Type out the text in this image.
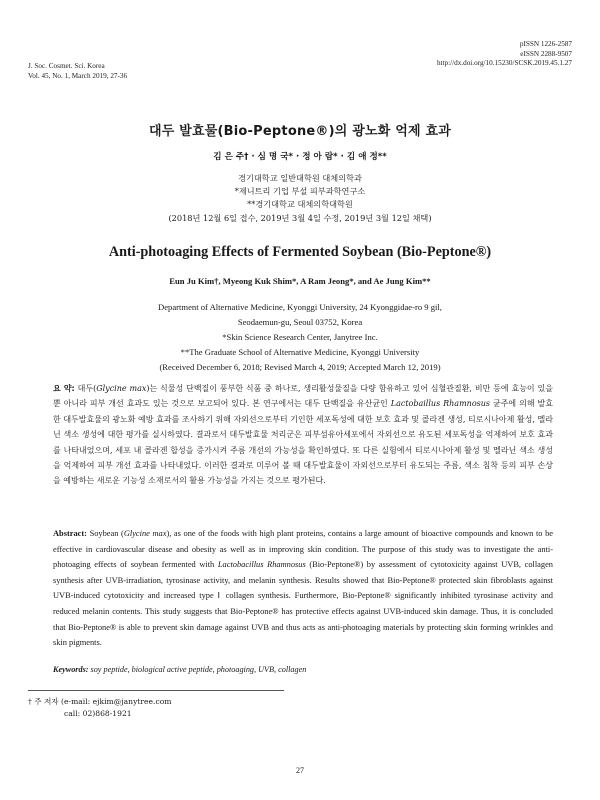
J. Soc. Cosmet. Sci. Korea
Vol. 45, No. 1, March 2019, 27-36
pISSN 1226-2587
eISSN 2288-9507
http://dx.doi.org/10.15230/SCSK.2019.45.1.27
대두 발효물(Bio-Peptone®)의 광노화 억제 효과
김 은 주† · 심 명 국* · 정 아 람* · 김 애 정**
경기대학교 일반대학원 대체의학과
*제니트리 기업 부설 피부과학연구소
**경기대학교 대체의학대학원
(2018년 12월 6일 접수, 2019년 3월 4일 수정, 2019년 3월 12일 채택)
Anti-photoaging Effects of Fermented Soybean (Bio-Peptone®)
Eun Ju Kim†, Myeong Kuk Shim*, A Ram Jeong*, and Ae Jung Kim**
Department of Alternative Medicine, Kyonggi University, 24 Kyonggidae-ro 9 gil,
Seodaemun-gu, Seoul 03752, Korea
*Skin Science Research Center, Janytree Inc.
**The Graduate School of Alternative Medicine, Kyonggi University
(Received December 6, 2018; Revised March 4, 2019; Accepted March 12, 2019)
요 약: 대두(Glycine max)는 식물성 단백질이 풍부한 식품 중 하나로, 생리활성물질을 다량 함유하고 있어 심혈관질환, 비만 등에 효능이 있을 뿐 아니라 피부 개선 효과도 있는 것으로 보고되어 있다. 본 연구에서는 대두 단백질을 유산균인 Lactobaillus Rhamnosus 균주에 의해 발효한 대두발효물의 광노화 예방 효과를 조사하기 위해 자외선으로부터 기인한 세포독성에 대한 보호 효과 및 콜라겐 생성, 티로시나아제 활성, 멜라닌 색소 생성에 대한 평가를 실시하였다. 결과로서 대두발효물 처리군은 피부섬유아세포에서 자외선으로 유도된 세포독성을 억제하여 보호 효과를 나타내었으며, 세포 내 콜라겐 합성을 증가시켜 주름 개선의 가능성을 확인하였다. 또 다른 실험에서 티로시나아제 활성 및 멜라닌 색소 생성을 억제하여 피부 개선 효과를 나타내었다. 이러한 결과로 미루어 볼 때 대두발효물이 자외선으로부터 유도되는 주름, 색소 침착 등의 피부 손상을 예방하는 새로운 기능성 소재로서의 활용 가능성을 가지는 것으로 평가된다.
Abstract: Soybean (Glycine max), as one of the foods with high plant proteins, contains a large amount of bioactive compounds and known to be effective in cardiovascular disease and obesity as well as in improving skin condition. The purpose of this study was to investigate the anti-photoaging effects of soybean fermented with Lactobacillus Rhamnosus (Bio-Peptone®) by assessment of cytotoxicity against UVB, collagen synthesis after UVB-irradiation, tyrosinase activity, and melanin synthesis. Results showed that Bio-Peptone® protected skin fibroblasts against UVB-induced cytotoxicity and increased type Ⅰ collagen synthesis. Furthermore, Bio-Peptone® significantly inhibited tyrosinase activity and reduced melanin contents. This study suggests that Bio-Peptone® has protective effects against UVB-induced skin damage. Thus, it is concluded that Bio-Peptone® is able to prevent skin damage against UVB and thus acts as anti-photoaging materials by protecting skin forming wrinkles and skin pigments.
Keywords: soy peptide, biological active peptide, photoaging, UVB, collagen
† 주 저자 (e-mail: ejkim@janytree.com
call: 02)868-1921
27
